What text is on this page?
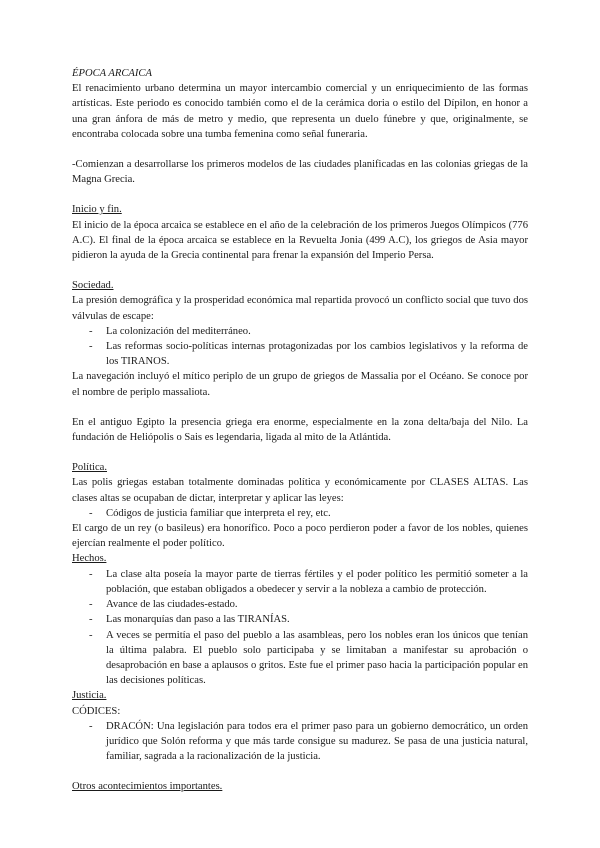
ÉPOCA ARCAICA

El renacimiento urbano determina un mayor intercambio comercial y un enriquecimiento de las formas artísticas. Este periodo es conocido también como el de la cerámica doria o estilo del Dípilon, en honor a una gran ánfora de más de metro y medio, que representa un duelo fúnebre y que, originalmente, se encontraba colocada sobre una tumba femenina como señal funeraria.

-Comienzan a desarrollarse los primeros modelos de las ciudades planificadas en las colonias griegas de la Magna Grecia.

Inicio y fin.

El inicio de la época arcaica se establece en el año de la celebración de los primeros Juegos Olímpicos (776 A.C). El final de la época arcaica se establece en la Revuelta Jonia (499 A.C), los griegos de Asia mayor pidieron la ayuda de la Grecia continental para frenar la expansión del Imperio Persa.

Sociedad.

La presión demográfica y la prosperidad económica mal repartida provocó un conflicto social que tuvo dos válvulas de escape:

- La colonización del mediterráneo.
- Las reformas socio-políticas internas protagonizadas por los cambios legislativos y la reforma de los TIRANOS.

La navegación incluyó el mítico periplo de un grupo de griegos de Massalia por el Océano. Se conoce por el nombre de periplo massaliota.

En el antiguo Egipto la presencia griega era enorme, especialmente en la zona delta/baja del Nilo. La fundación de Heliópolis o Sais es legendaria, ligada al mito de la Atlántida.

Política.

Las polis griegas estaban totalmente dominadas política y económicamente por CLASES ALTAS. Las clases altas se ocupaban de dictar, interpretar y aplicar las leyes:

- Códigos de justicia familiar que interpreta el rey, etc.

El cargo de un rey (o basileus) era honorífico. Poco a poco perdieron poder a favor de los nobles, quienes ejercían realmente el poder político.

Hechos.

- La clase alta poseía la mayor parte de tierras fértiles y el poder político les permitió someter a la población, que estaban obligados a obedecer y servir a la nobleza a cambio de protección.
- Avance de las ciudades-estado.
- Las monarquías dan paso a las TIRANÍAS.
- A veces se permitía el paso del pueblo a las asambleas, pero los nobles eran los únicos que tenían la última palabra. El pueblo solo participaba y se limitaban a manifestar su aprobación o desaprobación en base a aplausos o gritos. Este fue el primer paso hacia la participación popular en las decisiones políticas.

Justicia.

CÓDICES:

- DRACÓN: Una legislación para todos era el primer paso para un gobierno democrático, un orden jurídico que Solón reforma y que más tarde consigue su madurez. Se pasa de una justicia natural, familiar, sagrada a la racionalización de la justicia.

Otros acontecimientos importantes.
